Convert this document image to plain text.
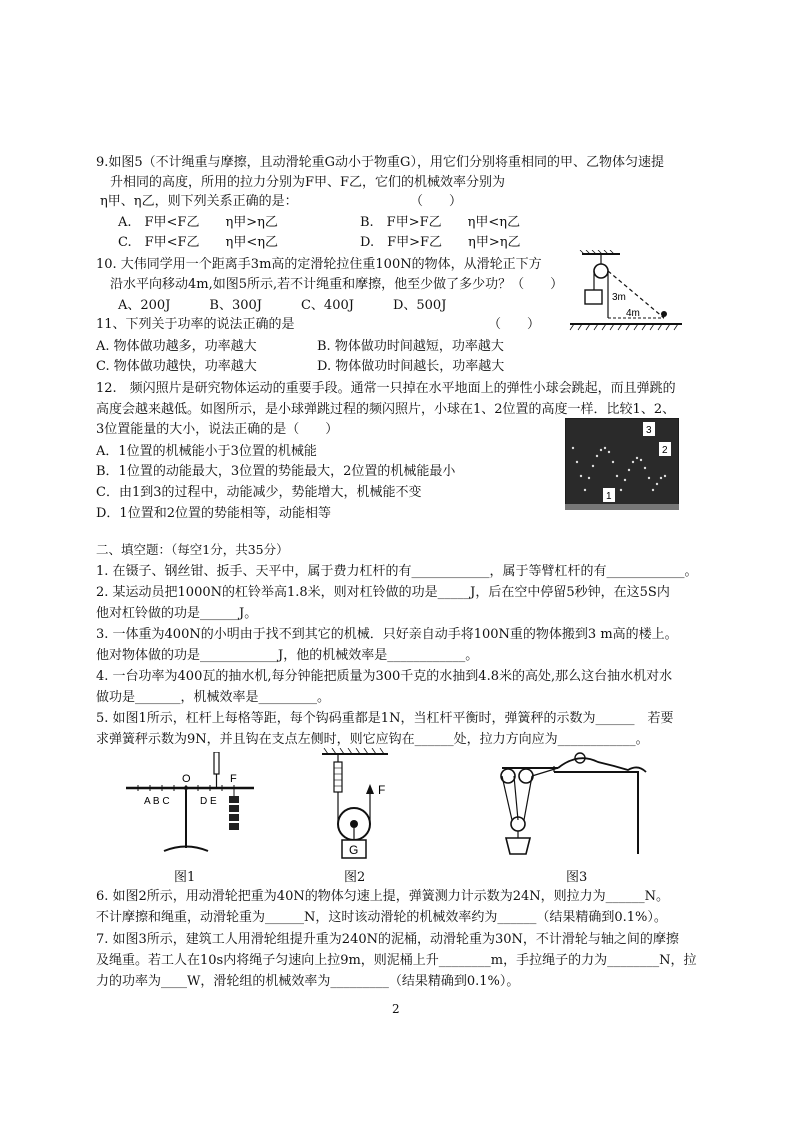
9.如图5（不计绳重与摩擦，且动滑轮重G动小于物重G），用它们分别将重相同的甲、乙物体匀速提
升相同的高度，所用的拉力分别为F甲、F乙，它们的机械效率分别为
η甲、η乙，则下列关系正确的是：	（　　）
A.　F甲<F乙　　η甲>η乙	B.　F甲>F乙　　η甲<η乙
C.　F甲<F乙　　η甲<η乙	D.　F甲>F乙　　η甲>η乙
10. 大伟同学用一个距离手3m高的定滑轮拉住重100N的物体，从滑轮正下方
沿水平向移动4m,如图5所示,若不计绳重和摩擦，他至少做了多少功？（　　）
A、200J　　　B、300J　　　C、400J　　　D、500J
3m
4m
11、下列关于功率的说法正确的是	（　　）
A. 物体做功越多，功率越大	B. 物体做功时间越短，功率越大
C. 物体做功越快，功率越大	D. 物体做功时间越长，功率越大
12.　频闪照片是研究物体运动的重要手段。通常一只掉在水平地面上的弹性小球会跳起，而且弹跳的
高度会越来越低。如图所示，是小球弹跳过程的频闪照片，小球在1、2位置的高度一样．比较1、2、
3位置能量的大小，说法正确的是（　　）
A．1位置的机械能小于3位置的机械能
B．1位置的动能最大，3位置的势能最大，2位置的机械能最小
C．由1到3的过程中，动能减少，势能增大，机械能不变
D．1位置和2位置的势能相等，动能相等
3
2
1
二、填空题：（每空1分，共35分）
1. 在镊子、钢丝钳、扳手、天平中，属于费力杠杆的有____________，属于等臂杠杆的有____________。
2. 某运动员把1000N的杠铃举高1.8米，则对杠铃做的功是_____J，后在空中停留5秒钟，在这5S内
他对杠铃做的功是______J。
3. 一体重为400N的小明由于找不到其它的机械．只好亲自动手将100N重的物体搬到3 m高的楼上。
他对物体做的功是____________J，他的机械效率是____________。
4. 一台功率为400瓦的抽水机,每分钟能把质量为300千克的水抽到4.8米的高处,那么这台抽水机对水
做功是_______，机械效率是_________。
5. 如图1所示，杠杆上每格等距，每个钩码重都是1N，当杠杆平衡时，弹簧秤的示数为______　若要
求弹簧秤示数为9N，并且钩在支点左侧时，则它应钩在______处，拉力方向应为____________。
O
A B C	D E
F
图1
F
G
图2	图3
6. 如图2所示，用动滑轮把重为40N的物体匀速上提，弹簧测力计示数为24N，则拉力为______N。
不计摩擦和绳重，动滑轮重为______N，这时该动滑轮的机械效率约为______（结果精确到0.1%）。
7. 如图3所示，建筑工人用滑轮组提升重为240N的泥桶，动滑轮重为30N，不计滑轮与轴之间的摩擦
及绳重。若工人在10s内将绳子匀速向上拉9m，则泥桶上升________m，手拉绳子的力为________N，拉
力的功率为____W，滑轮组的机械效率为_________（结果精确到0.1%）。
2
